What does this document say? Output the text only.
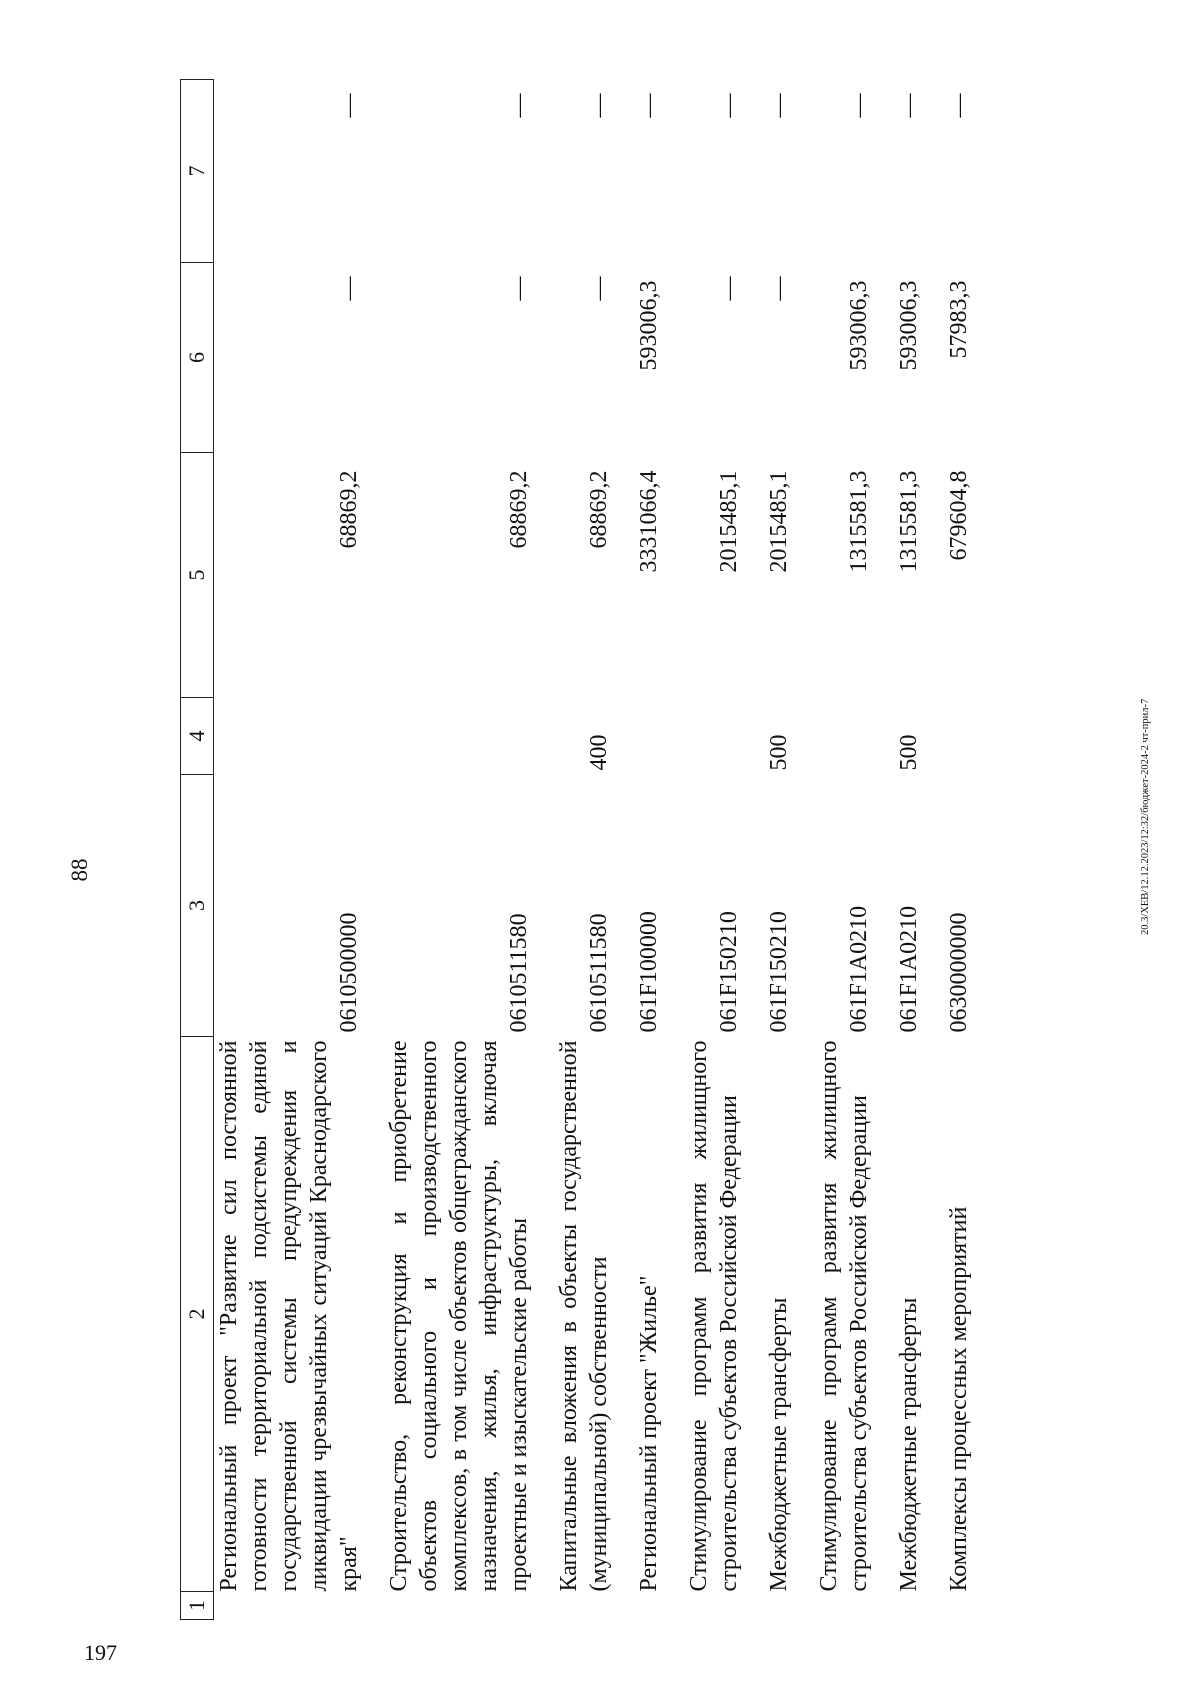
88
1	2	3	4	5	6	7
	Региональный проект "Развитие сил постоянной готовности территориальной подсистемы единой государственной системы предупреждения и ликвидации чрезвычайных ситуаций Краснодарского края"	0610500000		68869,2	—	—

	Строительство, реконструкция и приобретение объектов социального и производственного комплексов, в том числе объектов общегражданского назначения, жилья, инфраструктуры, включая проектные и изыскательские работы	0610511580		68869,2	—	—

	Капитальные вложения в объекты государственной (муниципальной) собственности	0610511580	400	68869,2	—	—

	Региональный проект "Жилье"	061F100000		3331066,4	593006,3	—

	Стимулирование программ развития жилищного строительства субъектов Российской Федерации	061F150210		2015485,1	—	—

	Межбюджетные трансферты	061F150210	500	2015485,1	—	—

	Стимулирование программ развития жилищного строительства субъектов Российской Федерации	061F1A0210		1315581,3	593006,3	—

	Межбюджетные трансферты	061F1A0210	500	1315581,3	593006,3	—

	Комплексы процессных мероприятий	0630000000		679604,8	57983,3	—
20.3/XEB/12.12.2023/12:32/бюджет-2024-2 чт-прил-7
197
